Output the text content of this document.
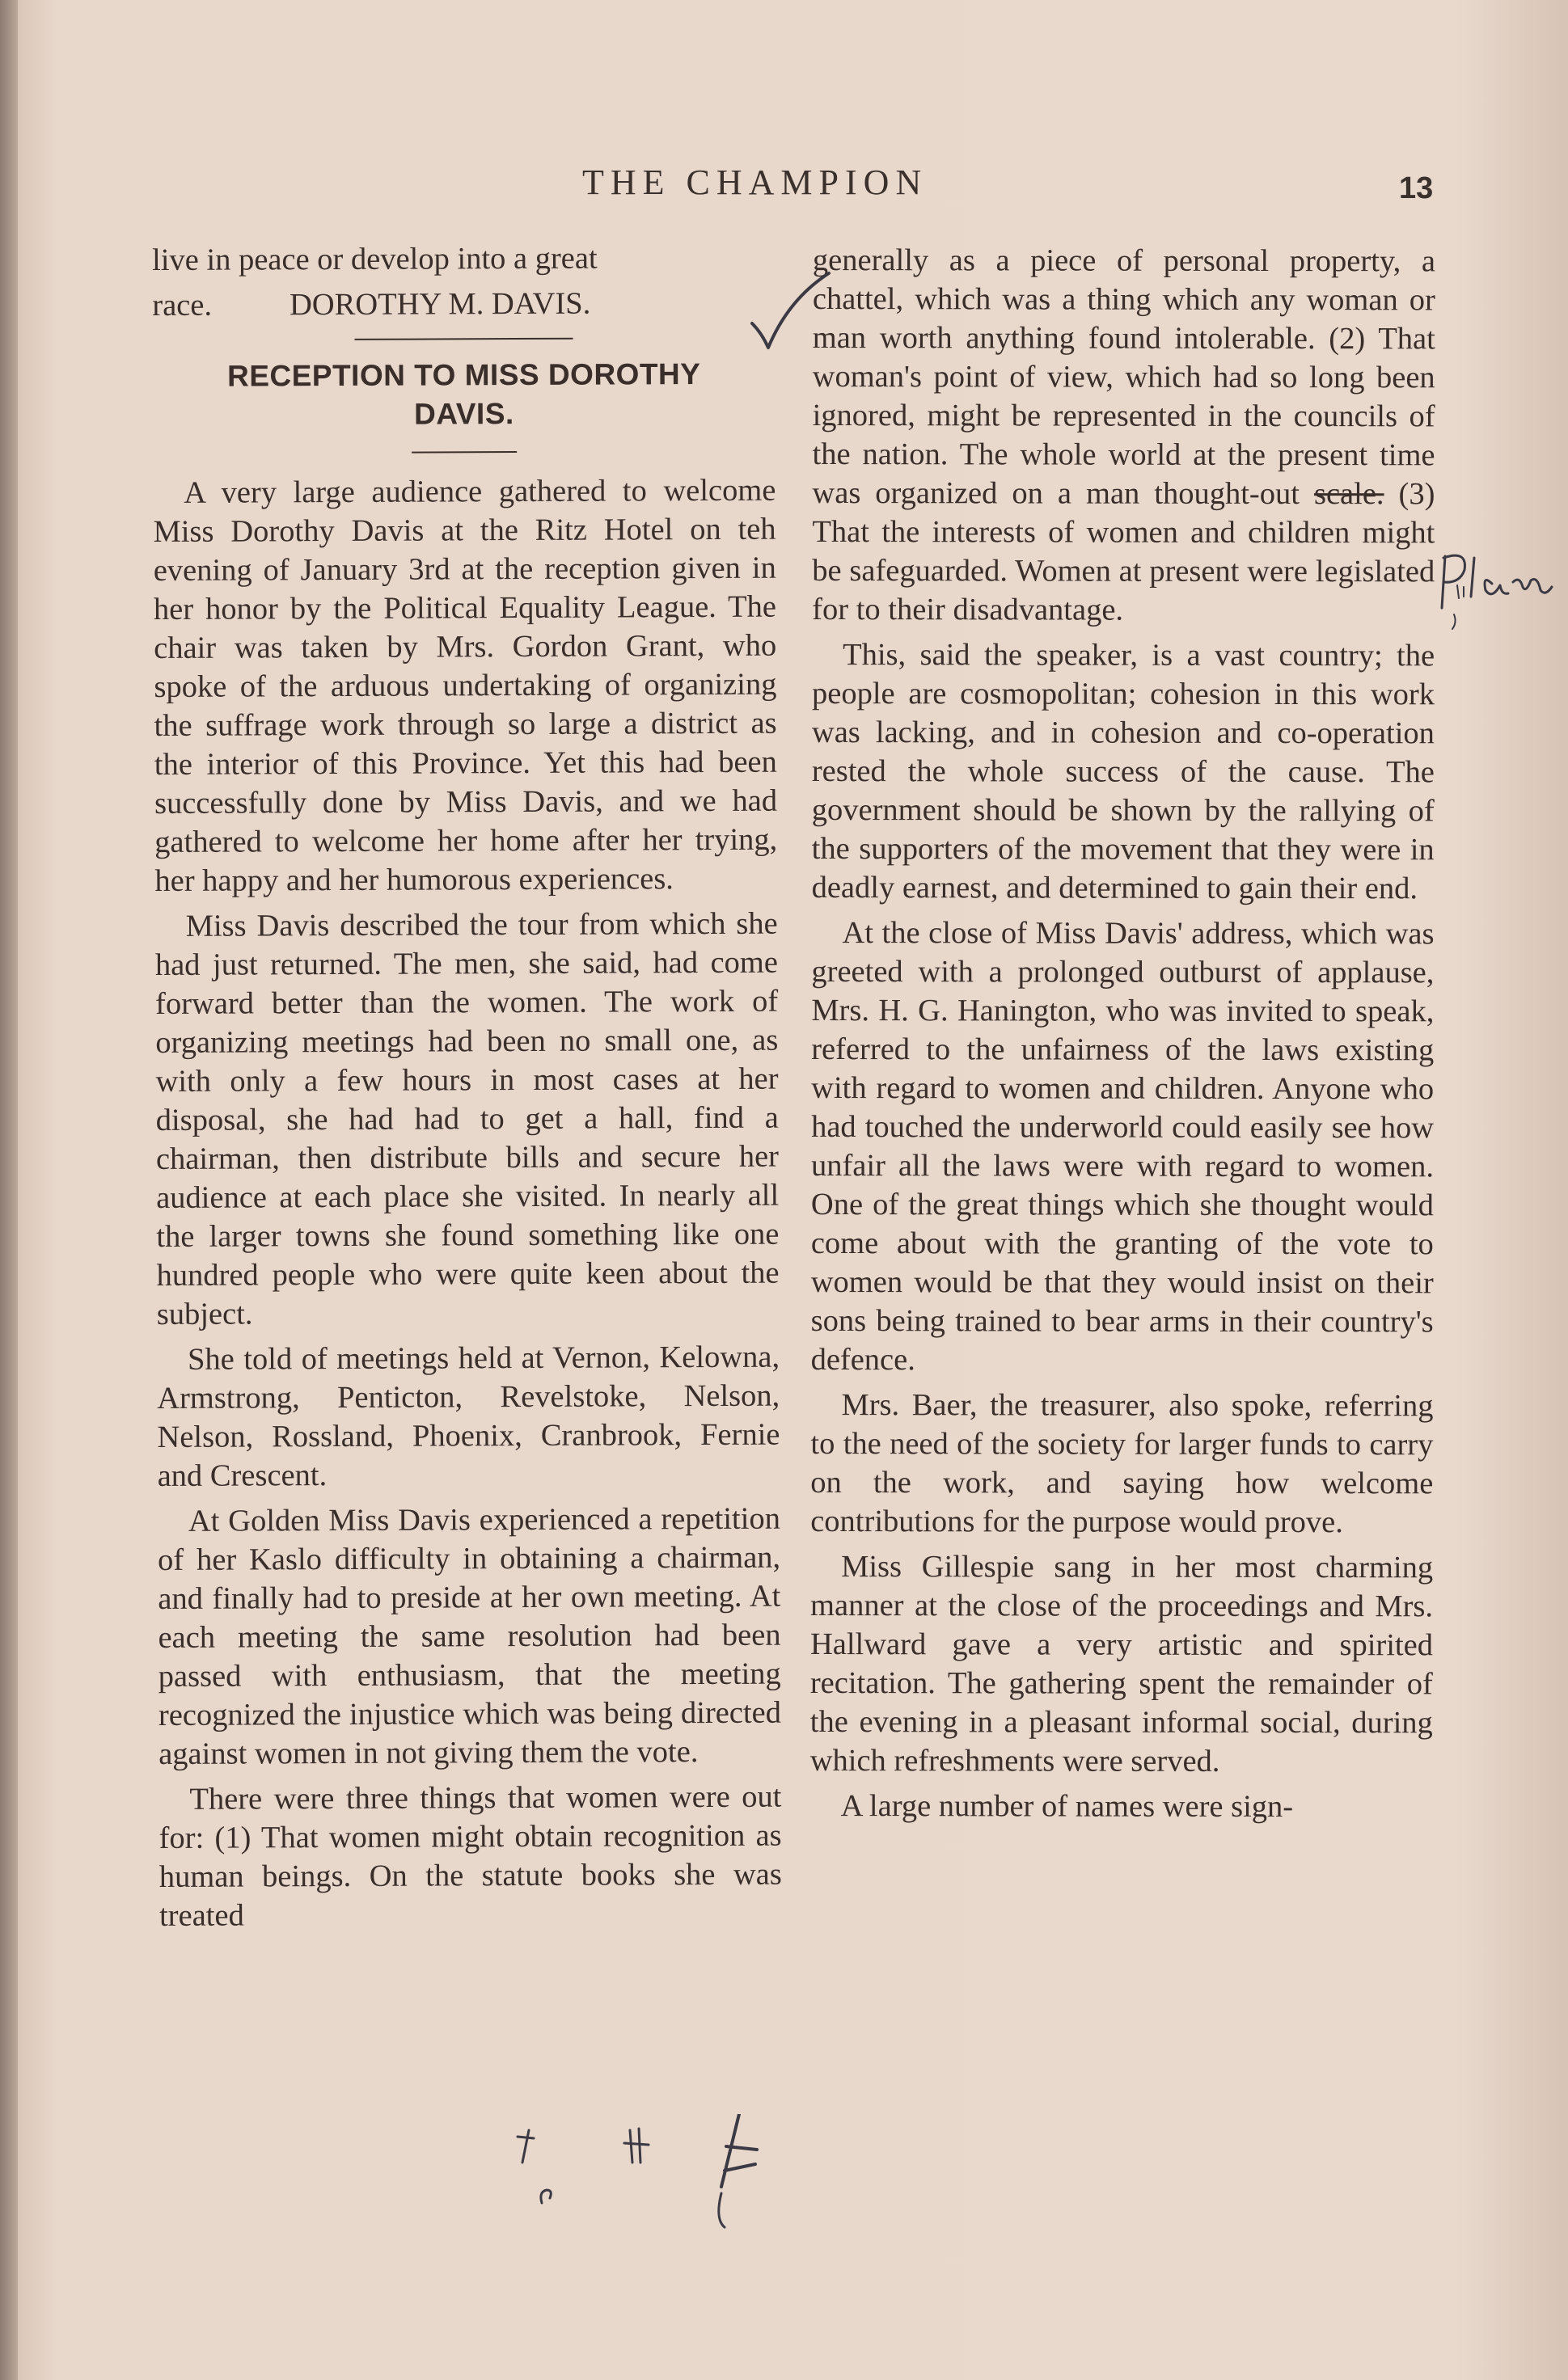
THE CHAMPION	13
live in peace or develop into a great
race. DOROTHY M. DAVIS.
RECEPTION TO MISS DOROTHY
DAVIS.

A very large audience gathered to welcome Miss Dorothy Davis at the Ritz Hotel on teh evening of January 3rd at the reception given in her honor by the Political Equality League. The chair was taken by Mrs. Gordon Grant, who spoke of the arduous undertaking of organizing the suffrage work through so large a district as the interior of this Province. Yet this had been successfully done by Miss Davis, and we had gathered to welcome her home after her trying, her happy and her humorous experiences.

Miss Davis described the tour from which she had just returned. The men, she said, had come forward better than the women. The work of organizing meetings had been no small one, as with only a few hours in most cases at her disposal, she had had to get a hall, find a chairman, then distribute bills and secure her audience at each place she visited. In nearly all the larger towns she found something like one hundred people who were quite keen about the subject.

She told of meetings held at Vernon, Kelowna, Armstrong, Penticton, Revelstoke, Nelson, Nelson, Rossland, Phoenix, Cranbrook, Fernie and Crescent.

At Golden Miss Davis experienced a repetition of her Kaslo difficulty in obtaining a chairman, and finally had to preside at her own meeting. At each meeting the same resolution had been passed with enthusiasm, that the meeting recognized the injustice which was being directed against women in not giving them the vote.

There were three things that women were out for: (1) That women might obtain recognition as human beings. On the statute books she was treated

generally as a piece of personal property, a chattel, which was a thing which any woman or man worth anything found intolerable. (2) That woman's point of view, which had so long been ignored, might be represented in the councils of the nation. The whole world at the present time was organized on a man thought-out scale. (3) That the interests of women and children might be safeguarded. Women at present were legislated for to their disadvantage.

This, said the speaker, is a vast country; the people are cosmopolitan; cohesion in this work was lacking, and in cohesion and co-operation rested the whole success of the cause. The government should be shown by the rallying of the supporters of the movement that they were in deadly earnest, and determined to gain their end.

At the close of Miss Davis' address, which was greeted with a prolonged outburst of applause, Mrs. H. G. Hanington, who was invited to speak, referred to the unfairness of the laws existing with regard to women and children. Anyone who had touched the underworld could easily see how unfair all the laws were with regard to women. One of the great things which she thought would come about with the granting of the vote to women would be that they would insist on their sons being trained to bear arms in their country's defence.

Mrs. Baer, the treasurer, also spoke, referring to the need of the society for larger funds to carry on the work, and saying how welcome contributions for the purpose would prove.

Miss Gillespie sang in her most charming manner at the close of the proceedings and Mrs. Hallward gave a very artistic and spirited recitation. The gathering spent the remainder of the evening in a pleasant informal social, during which refreshments were served.

A large number of names were sign-

plan
